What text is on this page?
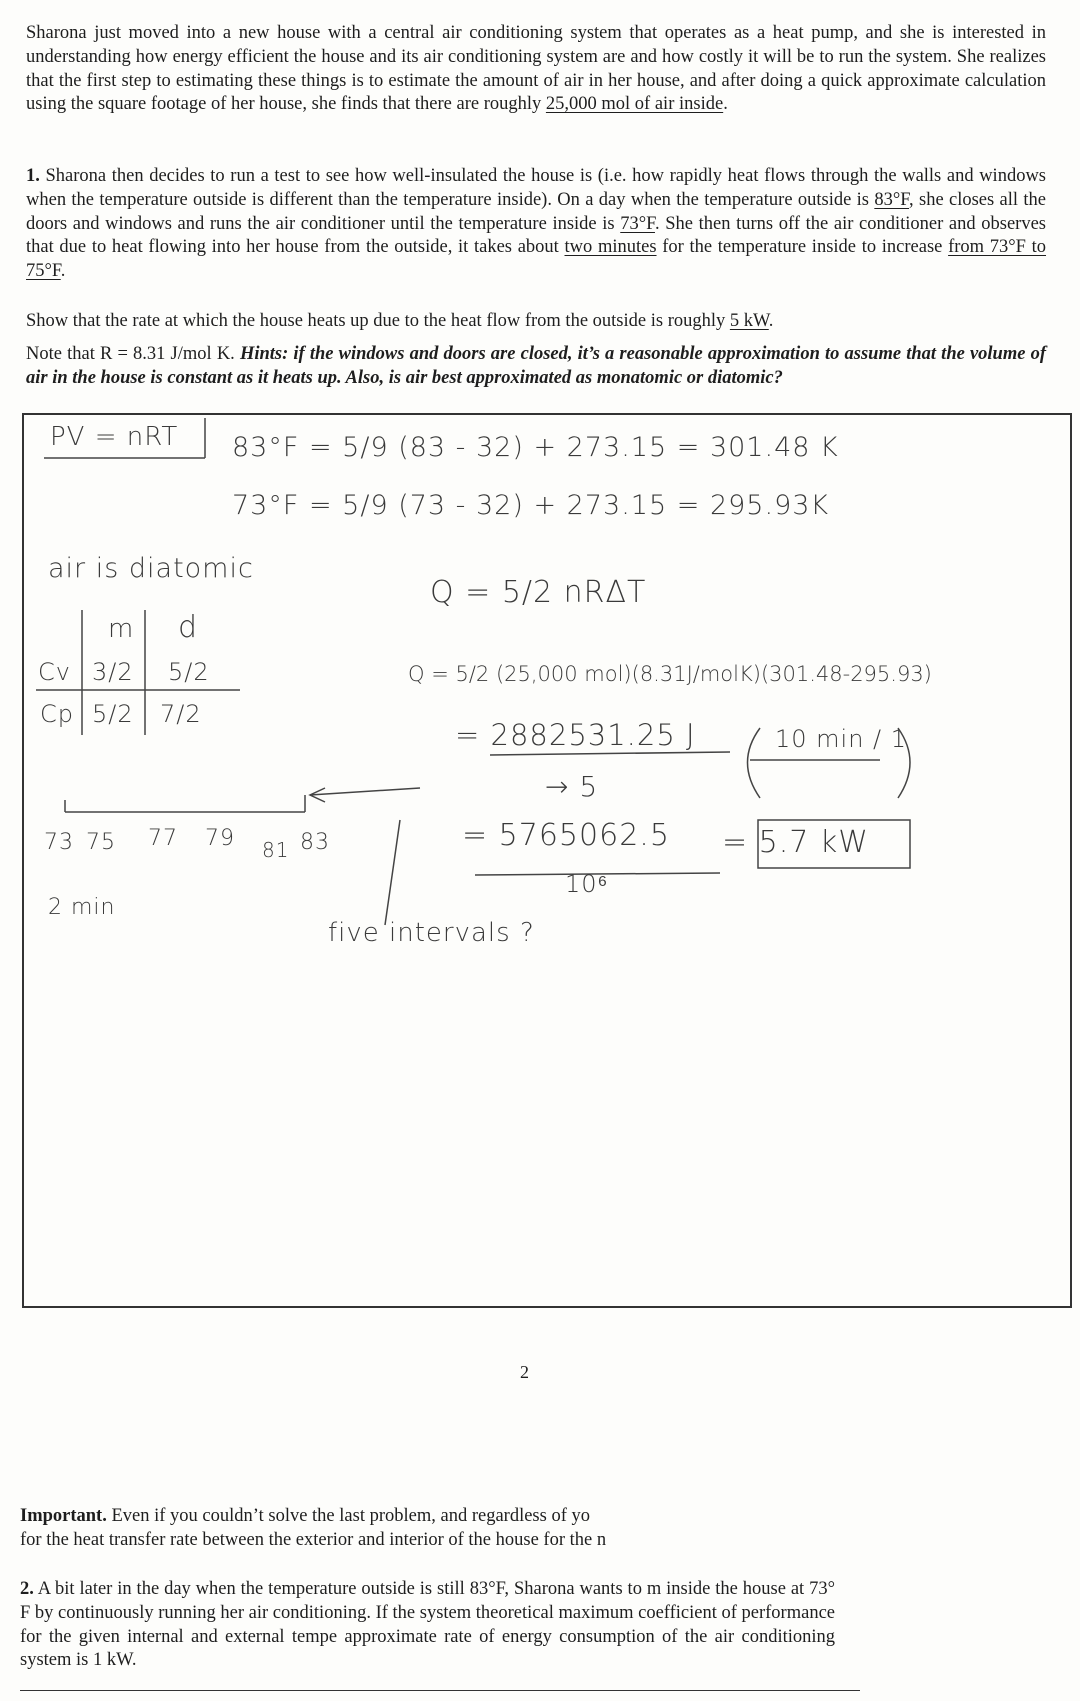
Sharona just moved into a new house with a central air conditioning system that operates as a heat pump, and she is interested in understanding how energy efficient the house and its air conditioning system are and how costly it will be to run the system. She realizes that the first step to estimating these things is to estimate the amount of air in her house, and after doing a quick approximate calculation using the square footage of her house, she finds that there are roughly 25,000 mol of air inside.
1. Sharona then decides to run a test to see how well-insulated the house is (i.e. how rapidly heat flows through the walls and windows when the temperature outside is different than the temperature inside). On a day when the temperature outside is 83°F, she closes all the doors and windows and runs the air conditioner until the temperature inside is 73°F. She then turns off the air conditioner and observes that due to heat flowing into her house from the outside, it takes about two minutes for the temperature inside to increase from 73°F to 75°F.
Show that the rate at which the house heats up due to the heat flow from the outside is roughly 5 kW.
Note that R = 8.31 J/mol K. Hints: if the windows and doors are closed, it’s a reasonable approximation to assume that the volume of air in the house is constant as it heats up. Also, is air best approximated as monatomic or diatomic?
PV = nRT 83°F = 5/9 (83 - 32) + 273.15 = 301.48 K
73°F = 5/9 (73 - 32) + 273.15 = 295.93K
air is diatomic
m d
Cv 3/2 5/2
Cp 5/2 7/2
Q = 5/2 nRΔT
Q = 5/2 (25,000 mol)(8.31J/molK)(301.48-295.93)
= 2882531.25 J	10 min / 1
→ 5
= 5765062.5
10⁶
= 5.7 kW
73 75 77 79 81 83
2 min
five intervals ?
2
Important. Even if you couldn’t solve the last problem, and regardless of yo
for the heat transfer rate between the exterior and interior of the house for the n
2. A bit later in the day when the temperature outside is still 83°F, Sharona wants to m inside the house at 73° F by continuously running her air conditioning. If the system theoretical maximum coefficient of performance for the given internal and external tempe approximate rate of energy consumption of the air conditioning system is 1 kW.
